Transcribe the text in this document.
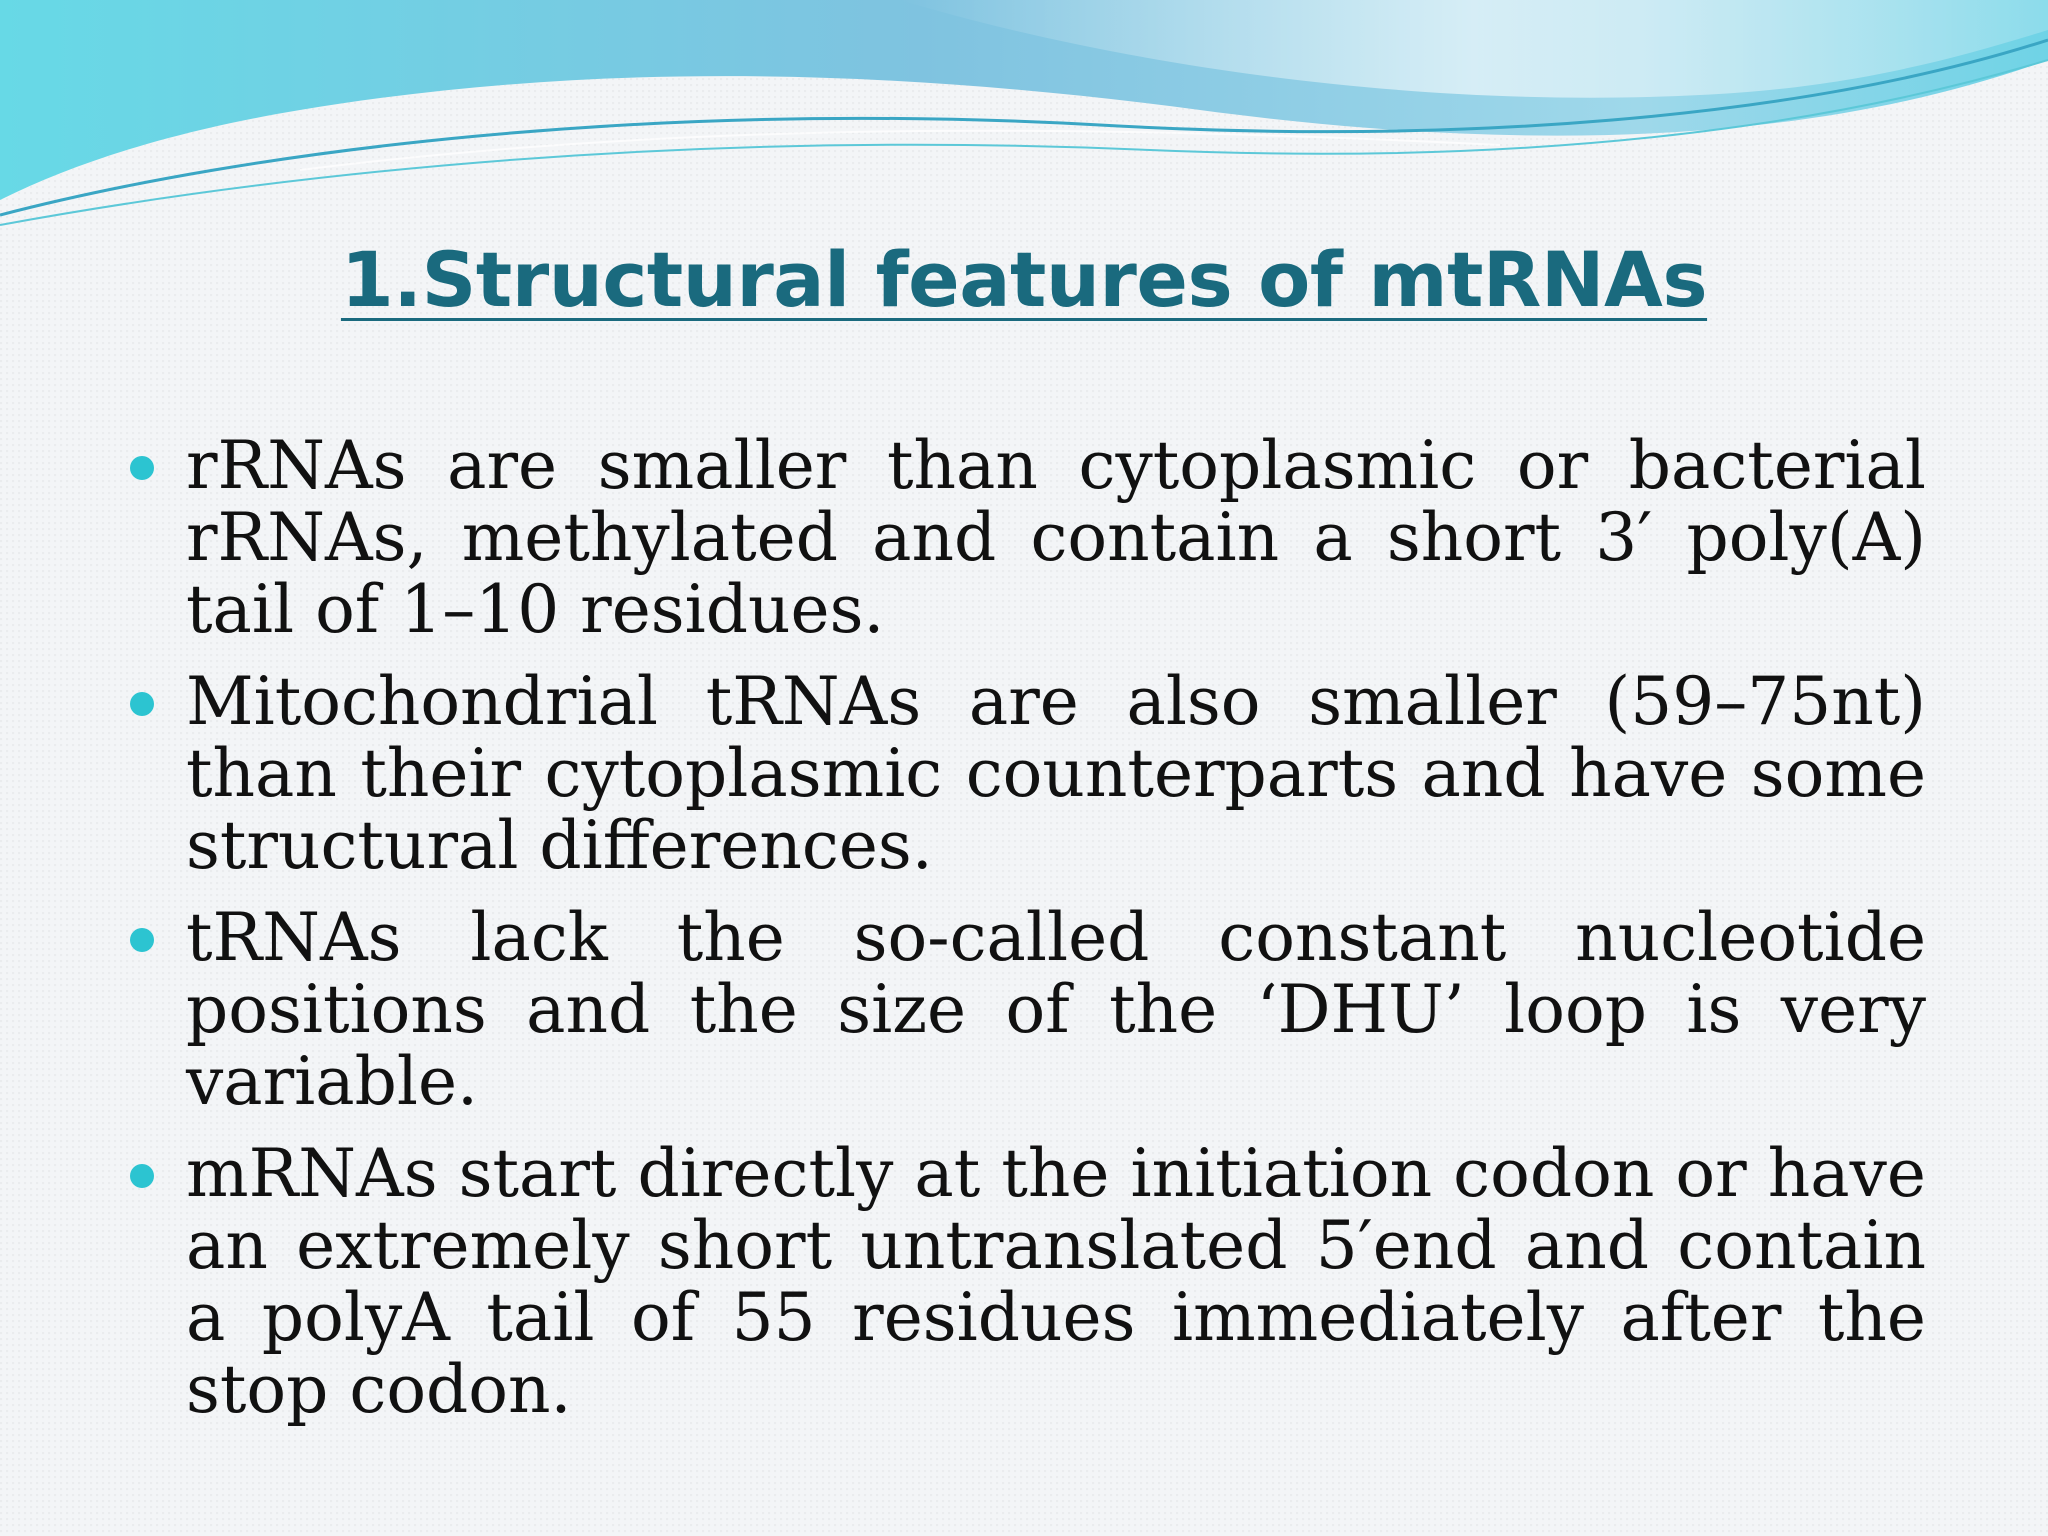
1.Structural features of mtRNAs
rRNAs are smaller than cytoplasmic or bacterial rRNAs, methylated and contain a short 3′ poly(A) tail of 1–10 residues.
Mitochondrial tRNAs are also smaller (59–75nt) than their cytoplasmic counterparts and have some structural differences.
tRNAs lack the so-called constant nucleotide positions and the size of the ‘DHU’ loop is very variable.
mRNAs start directly at the initiation codon or have an extremely short untranslated 5′end and contain a polyA tail of 55 residues immediately after the stop codon.
